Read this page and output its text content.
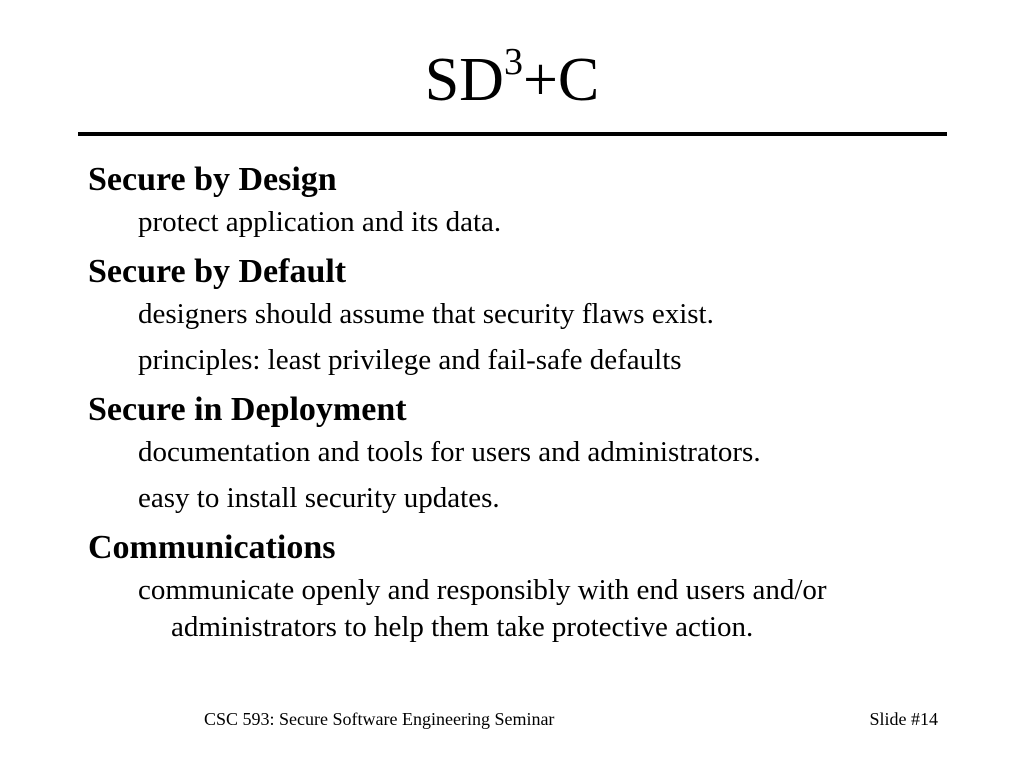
$SD^3+C$
Secure by Design
protect application and its data.
Secure by Default
designers should assume that security flaws exist.
principles: least privilege and fail-safe defaults
Secure in Deployment
documentation and tools for users and administrators.
easy to install security updates.
Communications
communicate openly and responsibly with end users and/or administrators to help them take protective action.
CSC 593: Secure Software Engineering Seminar	Slide #14
